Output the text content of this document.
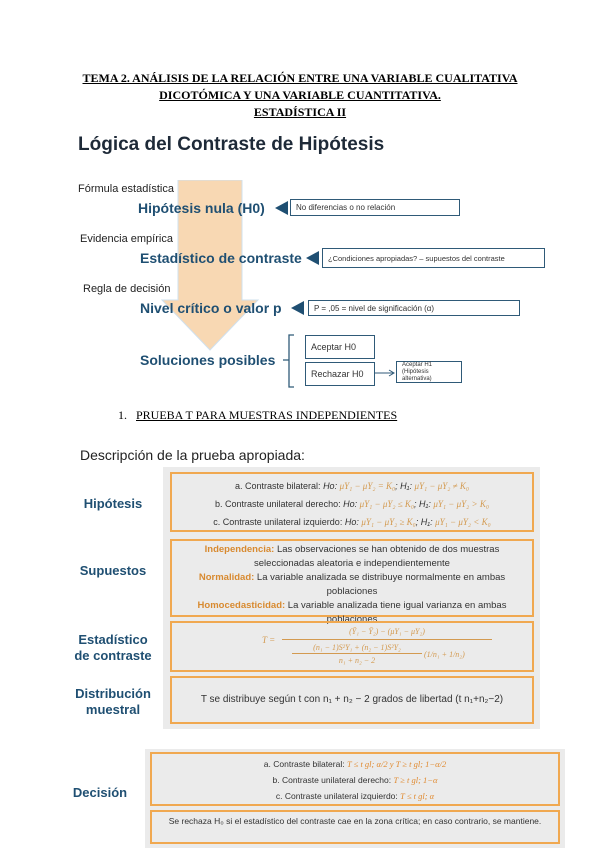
TEMA 2. ANÁLISIS DE LA RELACIÓN ENTRE UNA VARIABLE CUALITATIVA
DICOTÓMICA Y UNA VARIABLE CUANTITATIVA.
ESTADÍSTICA II
Lógica del Contraste de Hipótesis
Fórmula estadística
Hipótesis nula (H0)	No diferencias o no relación
Evidencia empírica
Estadístico de contraste	¿Condiciones apropiadas? – supuestos del contraste
Regla de decisión
Nivel crítico o valor p	P = ,05 = nivel de significación (α)
Soluciones posibles
Aceptar H0
Rechazar H0
Aceptar H1 (Hipótesis alternativa)
1. PRUEBA T PARA MUESTRAS INDEPENDIENTES
Descripción de la prueba apropiada:
Hipótesis
a. Contraste bilateral: Ho: μY₁ − μY₂ = K₀; H₁: μY₁ − μY₂ ≠ K₀
b. Contraste unilateral derecho: Ho: μY₁ − μY₂ ≤ K₀; H₁: μY₁ − μY₂ > K₀
c. Contraste unilateral izquierdo: Ho: μY₁ − μY₂ ≥ K₀; H₁: μY₁ − μY₂ < K₀
Supuestos
Independencia: Las observaciones se han obtenido de dos muestras seleccionadas aleatoria e independientemente
Normalidad: La variable analizada se distribuye normalmente en ambas poblaciones
Homocedasticidad: La variable analizada tiene igual varianza en ambas poblaciones
Estadístico
de contraste
T =
(Ȳ₁ − Ȳ₂) − (μY₁ − μY₂)
(n₁ − 1)S²Y₁ + (n₂ − 1)S²Y₂
n₁ + n₂ − 2
(1/n₁ + 1/n₂)
Distribución
muestral
T se distribuye según t con n₁ + n₂ − 2 grados de libertad (t n₁+n₂−2)
Decisión
a. Contraste bilateral: T ≤ t gl; α/2 y T ≥ t gl; 1−α/2
b. Contraste unilateral derecho: T ≥ t gl; 1−α
c. Contraste unilateral izquierdo: T ≤ t gl; α
Se rechaza H₀ si el estadístico del contraste cae en la zona crítica; en caso contrario, se mantiene.
